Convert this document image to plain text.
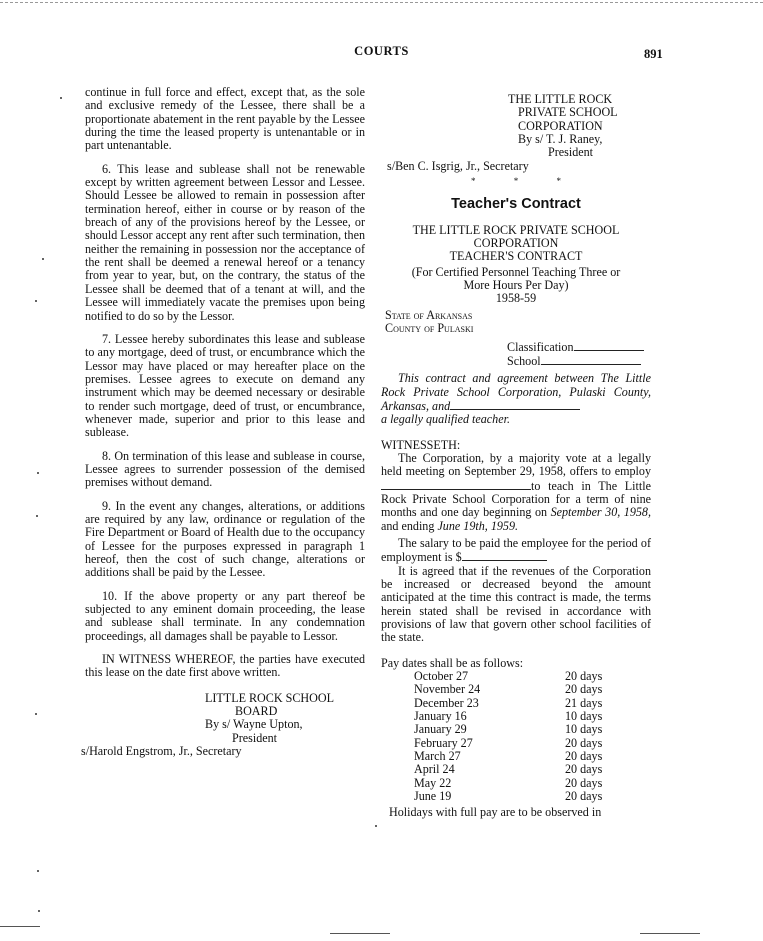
COURTS	891

continue in full force and effect, except that, as the sole and exclusive remedy of the Lessee, there shall be a proportionate abatement in the rent payable by the Lessee during the time the leased property is untenantable or in part untenantable.

6. This lease and sublease shall not be renewable except by written agreement between Lessor and Lessee. Should Lessee be allowed to remain in possession after termination hereof, either in course or by reason of the breach of any of the provisions hereof by the Lessee, or should Lessor accept any rent after such termination, then neither the remaining in possession nor the acceptance of the rent shall be deemed a renewal hereof or a tenancy from year to year, but, on the contrary, the status of the Lessee shall be deemed that of a tenant at will, and the Lessee will immediately vacate the premises upon being notified to do so by the Lessor.

7. Lessee hereby subordinates this lease and sublease to any mortgage, deed of trust, or encumbrance which the Lessor may have placed or may hereafter place on the premises. Lessee agrees to execute on demand any instrument which may be deemed necessary or desirable to render such mortgage, deed of trust, or encumbrance, whenever made, superior and prior to this lease and sublease.

8. On termination of this lease and sublease in course, Lessee agrees to surrender possession of the demised premises without demand.

9. In the event any changes, alterations, or additions are required by any law, ordinance or regulation of the Fire Department or Board of Health due to the occupancy of Lessee for the purposes expressed in paragraph 1 hereof, then the cost of such change, alterations or additions shall be paid by the Lessee.

10. If the above property or any part thereof be subjected to any eminent domain proceeding, the lease and sublease shall terminate. In any condemnation proceedings, all damages shall be payable to Lessor.

IN WITNESS WHEREOF, the parties have executed this lease on the date first above written.

LITTLE ROCK SCHOOL
BOARD
By s/ Wayne Upton,
President
s/Harold Engstrom, Jr., Secretary
THE LITTLE ROCK
PRIVATE SCHOOL
CORPORATION
By s/ T. J. Raney,
President
s/Ben C. Isgrig, Jr., Secretary
* * *
Teacher's Contract
THE LITTLE ROCK PRIVATE SCHOOL
CORPORATION
TEACHER'S CONTRACT
(For Certified Personnel Teaching Three or
More Hours Per Day)
1958-59
State of Arkansas
County of Pulaski
Classification
School

This contract and agreement between The Little Rock Private School Corporation, Pulaski County, Arkansas, and

a legally qualified teacher.
WITNESSETH:

The Corporation, by a majority vote at a legally held meeting on September 29, 1958, offers to employto teach in The Little Rock Private School Corporation for a term of nine months and one day beginning on September 30, 1958, and ending June 19th, 1959.

The salary to be paid the employee for the period of employment is $

It is agreed that if the revenues of the Corporation be increased or decreased beyond the amount anticipated at the time this contract is made, the terms herein stated shall be revised in accordance with provisions of law that govern other school facilities of the state.

Pay dates shall be as follows:
October 27	20 days
November 24	20 days
December 23	21 days
January 16	10 days
January 29	10 days
February 27	20 days
March 27	20 days
April 24	20 days
May 22	20 days
June 19	20 days
Holidays with full pay are to be observed in
